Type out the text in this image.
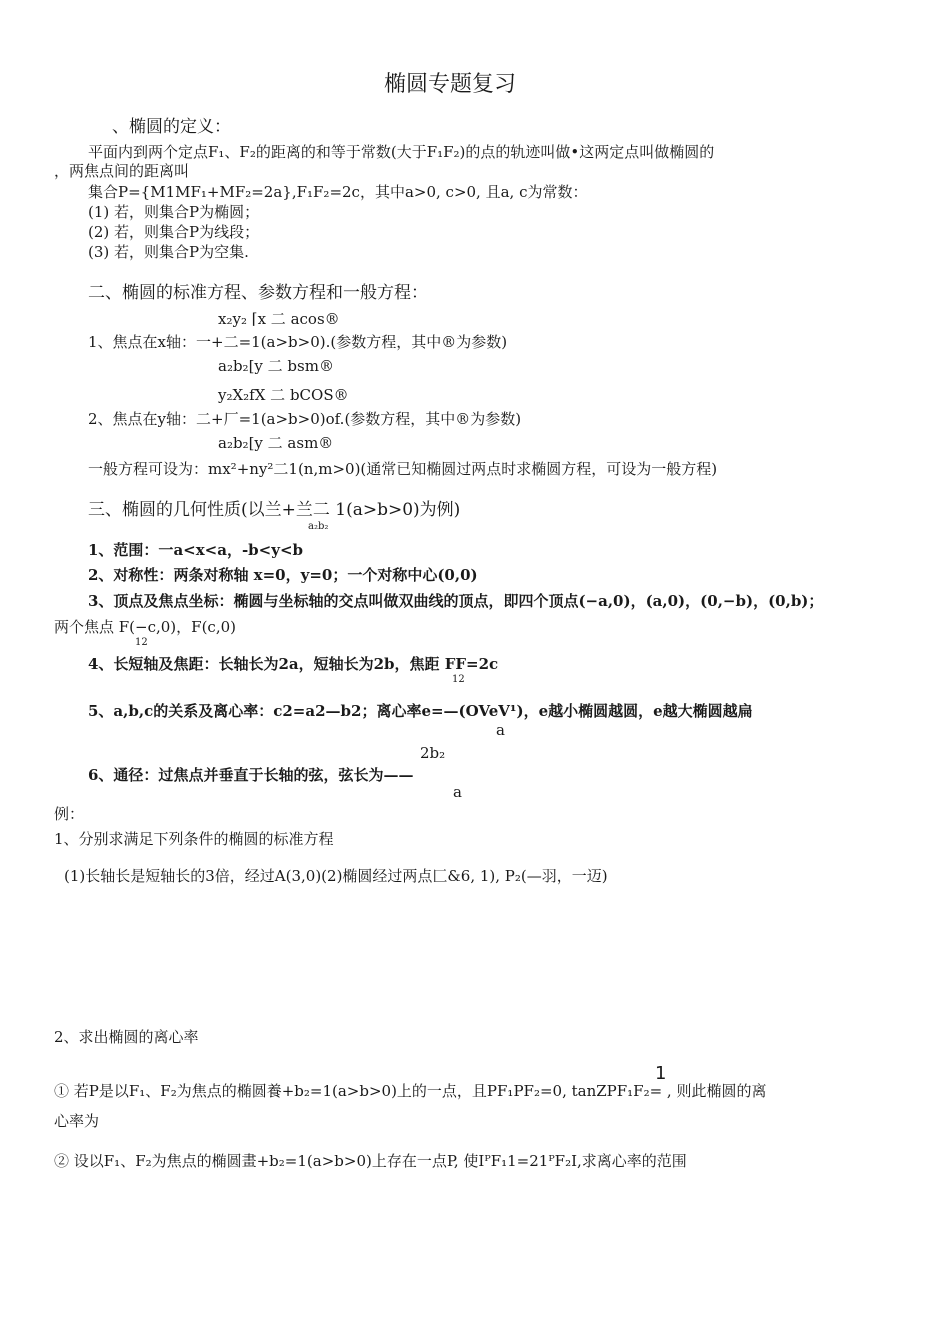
椭圆专题复习
、椭圆的定义：
平面内到两个定点F₁、F₂的距离的和等于常数(大于F₁F₂)的点的轨迹叫做•这两定点叫做椭圆的
，两焦点间的距离叫
集合P={M1MF₁+MF₂=2a},F₁F₂=2c，其中a>0, c>0, 且a, c为常数：
(1) 若，则集合P为椭圆；
(2) 若，则集合P为线段；
(3) 若，则集合P为空集.
二、椭圆的标准方程、参数方程和一般方程：
x₂y₂ ⌈x 二 acos®
1、焦点在x轴：一+二=1(a>b>0).(参数方程，其中®为参数)
a₂b₂[y 二 bsm®
y₂X₂fX 二 bCOS®
2、焦点在y轴：二+厂=1(a>b>0)of.(参数方程，其中®为参数)
a₂b₂[y 二 asm®
一般方程可设为：mx²+ny²二1(n,m>0)(通常已知椭圆过两点时求椭圆方程，可设为一般方程)
三、椭圆的几何性质(以兰+兰二 1(a>b>0)为例)
a₂b₂
1、范围：一a<x<a，-b<y<b
2、对称性：两条对称轴 x=0，y=0；一个对称中心(0,0)
3、顶点及焦点坐标：椭圆与坐标轴的交点叫做双曲线的顶点，即四个顶点(−a,0)，(a,0)，(0,−b)，(0,b)；
两个焦点 F(−c,0)，F(c,0)
12
4、长短轴及焦距：长轴长为2a，短轴长为2b，焦距 FF=2c
12
5、a,b,c的关系及离心率：c2=a2—b2；离心率e=—(OVeV¹)，e越小椭圆越圆，e越大椭圆越扁
a
2b₂
6、通径：过焦点并垂直于长轴的弦，弦长为——
a
例：
1、分别求满足下列条件的椭圆的标准方程
(1)长轴长是短轴长的3倍，经过A(3,0)(2)椭圆经过两点匚&6, 1), P₂(—羽，一迈)
2、求出椭圆的离心率
1
① 若P是以F₁、F₂为焦点的椭圆養+b₂=1(a>b>0)上的一点，且PF₁PF₂=0, tanZPF₁F₂= , 则此椭圆的离
心率为
② 设以F₁、F₂为焦点的椭圆畫+b₂=1(a>b>0)上存在一点P, 使IᴾF₁1=21ᴾF₂I,求离心率的范围
